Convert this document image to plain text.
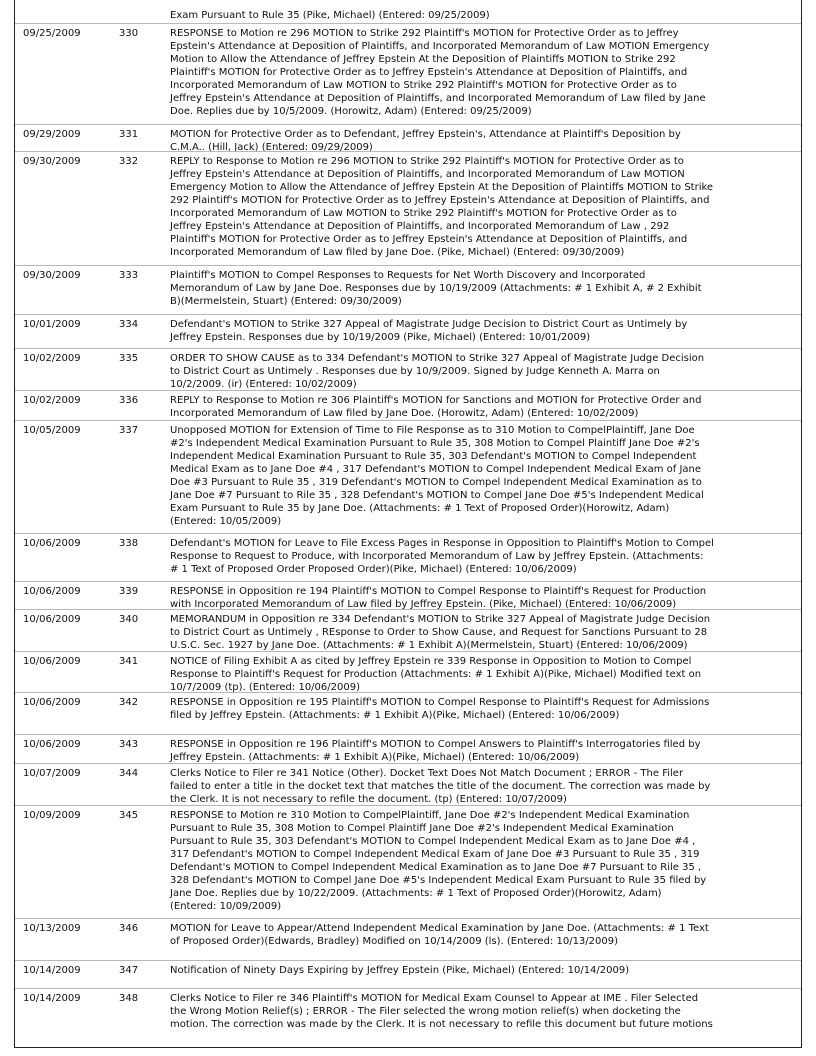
Exam Pursuant to Rule 35 (Pike, Michael) (Entered: 09/25/2009)
09/25/2009	330	RESPONSE to Motion re 296 MOTION to Strike 292 Plaintiff's MOTION for Protective Order as to Jeffrey
Epstein's Attendance at Deposition of Plaintiffs, and Incorporated Memorandum of Law MOTION Emergency
Motion to Allow the Attendance of Jeffrey Epstein At the Deposition of Plaintiffs MOTION to Strike 292
Plaintiff's MOTION for Protective Order as to Jeffrey Epstein's Attendance at Deposition of Plaintiffs, and
Incorporated Memorandum of Law MOTION to Strike 292 Plaintiff's MOTION for Protective Order as to
Jeffrey Epstein's Attendance at Deposition of Plaintiffs, and Incorporated Memorandum of Law filed by Jane
Doe. Replies due by 10/5/2009. (Horowitz, Adam) (Entered: 09/25/2009)
09/29/2009	331	MOTION for Protective Order as to Defendant, Jeffrey Epstein's, Attendance at Plaintiff's Deposition by
C.M.A.. (Hill, Jack) (Entered: 09/29/2009)
09/30/2009	332	REPLY to Response to Motion re 296 MOTION to Strike 292 Plaintiff's MOTION for Protective Order as to
Jeffrey Epstein's Attendance at Deposition of Plaintiffs, and Incorporated Memorandum of Law MOTION
Emergency Motion to Allow the Attendance of Jeffrey Epstein At the Deposition of Plaintiffs MOTION to Strike
292 Plaintiff's MOTION for Protective Order as to Jeffrey Epstein's Attendance at Deposition of Plaintiffs, and
Incorporated Memorandum of Law MOTION to Strike 292 Plaintiff's MOTION for Protective Order as to
Jeffrey Epstein's Attendance at Deposition of Plaintiffs, and Incorporated Memorandum of Law , 292
Plaintiff's MOTION for Protective Order as to Jeffrey Epstein's Attendance at Deposition of Plaintiffs, and
Incorporated Memorandum of Law filed by Jane Doe. (Pike, Michael) (Entered: 09/30/2009)
09/30/2009	333	Plaintiff's MOTION to Compel Responses to Requests for Net Worth Discovery and Incorporated
Memorandum of Law by Jane Doe. Responses due by 10/19/2009 (Attachments: # 1 Exhibit A, # 2 Exhibit
B)(Mermelstein, Stuart) (Entered: 09/30/2009)
10/01/2009	334	Defendant's MOTION to Strike 327 Appeal of Magistrate Judge Decision to District Court as Untimely by
Jeffrey Epstein. Responses due by 10/19/2009 (Pike, Michael) (Entered: 10/01/2009)
10/02/2009	335	ORDER TO SHOW CAUSE as to 334 Defendant's MOTION to Strike 327 Appeal of Magistrate Judge Decision
to District Court as Untimely . Responses due by 10/9/2009. Signed by Judge Kenneth A. Marra on
10/2/2009. (ir) (Entered: 10/02/2009)
10/02/2009	336	REPLY to Response to Motion re 306 Plaintiff's MOTION for Sanctions and MOTION for Protective Order and
Incorporated Memorandum of Law filed by Jane Doe. (Horowitz, Adam) (Entered: 10/02/2009)
10/05/2009	337	Unopposed MOTION for Extension of Time to File Response as to 310 Motion to CompelPlaintiff, Jane Doe
#2's Independent Medical Examination Pursuant to Rule 35, 308 Motion to Compel Plaintiff Jane Doe #2's
Independent Medical Examination Pursuant to Rule 35, 303 Defendant's MOTION to Compel Independent
Medical Exam as to Jane Doe #4 , 317 Defendant's MOTION to Compel Independent Medical Exam of Jane
Doe #3 Pursuant to Rule 35 , 319 Defendant's MOTION to Compel Independent Medical Examination as to
Jane Doe #7 Pursuant to Rile 35 , 328 Defendant's MOTION to Compel Jane Doe #5's Independent Medical
Exam Pursuant to Rule 35 by Jane Doe. (Attachments: # 1 Text of Proposed Order)(Horowitz, Adam)
(Entered: 10/05/2009)
10/06/2009	338	Defendant's MOTION for Leave to File Excess Pages in Response in Opposition to Plaintiff's Motion to Compel
Response to Request to Produce, with Incorporated Memorandum of Law by Jeffrey Epstein. (Attachments:
# 1 Text of Proposed Order Proposed Order)(Pike, Michael) (Entered: 10/06/2009)
10/06/2009	339	RESPONSE in Opposition re 194 Plaintiff's MOTION to Compel Response to Plaintiff's Request for Production
with Incorporated Memorandum of Law filed by Jeffrey Epstein. (Pike, Michael) (Entered: 10/06/2009)
10/06/2009	340	MEMORANDUM in Opposition re 334 Defendant's MOTION to Strike 327 Appeal of Magistrate Judge Decision
to District Court as Untimely , REsponse to Order to Show Cause, and Request for Sanctions Pursuant to 28
U.S.C. Sec. 1927 by Jane Doe. (Attachments: # 1 Exhibit A)(Mermelstein, Stuart) (Entered: 10/06/2009)
10/06/2009	341	NOTICE of Filing Exhibit A as cited by Jeffrey Epstein re 339 Response in Opposition to Motion to Compel
Response to Plaintiff's Request for Production (Attachments: # 1 Exhibit A)(Pike, Michael) Modified text on
10/7/2009 (tp). (Entered: 10/06/2009)
10/06/2009	342	RESPONSE in Opposition re 195 Plaintiff's MOTION to Compel Response to Plaintiff's Request for Admissions
filed by Jeffrey Epstein. (Attachments: # 1 Exhibit A)(Pike, Michael) (Entered: 10/06/2009)
10/06/2009	343	RESPONSE in Opposition re 196 Plaintiff's MOTION to Compel Answers to Plaintiff's Interrogatories filed by
Jeffrey Epstein. (Attachments: # 1 Exhibit A)(Pike, Michael) (Entered: 10/06/2009)
10/07/2009	344	Clerks Notice to Filer re 341 Notice (Other). Docket Text Does Not Match Document ; ERROR - The Filer
failed to enter a title in the docket text that matches the title of the document. The correction was made by
the Clerk. It is not necessary to refile the document. (tp) (Entered: 10/07/2009)
10/09/2009	345	RESPONSE to Motion re 310 Motion to CompelPlaintiff, Jane Doe #2's Independent Medical Examination
Pursuant to Rule 35, 308 Motion to Compel Plaintiff Jane Doe #2's Independent Medical Examination
Pursuant to Rule 35, 303 Defendant's MOTION to Compel Independent Medical Exam as to Jane Doe #4 ,
317 Defendant's MOTION to Compel Independent Medical Exam of Jane Doe #3 Pursuant to Rule 35 , 319
Defendant's MOTION to Compel Independent Medical Examination as to Jane Doe #7 Pursuant to Rile 35 ,
328 Defendant's MOTION to Compel Jane Doe #5's Independent Medical Exam Pursuant to Rule 35 filed by
Jane Doe. Replies due by 10/22/2009. (Attachments: # 1 Text of Proposed Order)(Horowitz, Adam)
(Entered: 10/09/2009)
10/13/2009	346	MOTION for Leave to Appear/Attend Independent Medical Examination by Jane Doe. (Attachments: # 1 Text
of Proposed Order)(Edwards, Bradley) Modified on 10/14/2009 (ls). (Entered: 10/13/2009)
10/14/2009	347	Notification of Ninety Days Expiring by Jeffrey Epstein (Pike, Michael) (Entered: 10/14/2009)
10/14/2009	348	Clerks Notice to Filer re 346 Plaintiff's MOTION for Medical Exam Counsel to Appear at IME . Filer Selected
the Wrong Motion Relief(s) ; ERROR - The Filer selected the wrong motion relief(s) when docketing the
motion. The correction was made by the Clerk. It is not necessary to refile this document but future motions
